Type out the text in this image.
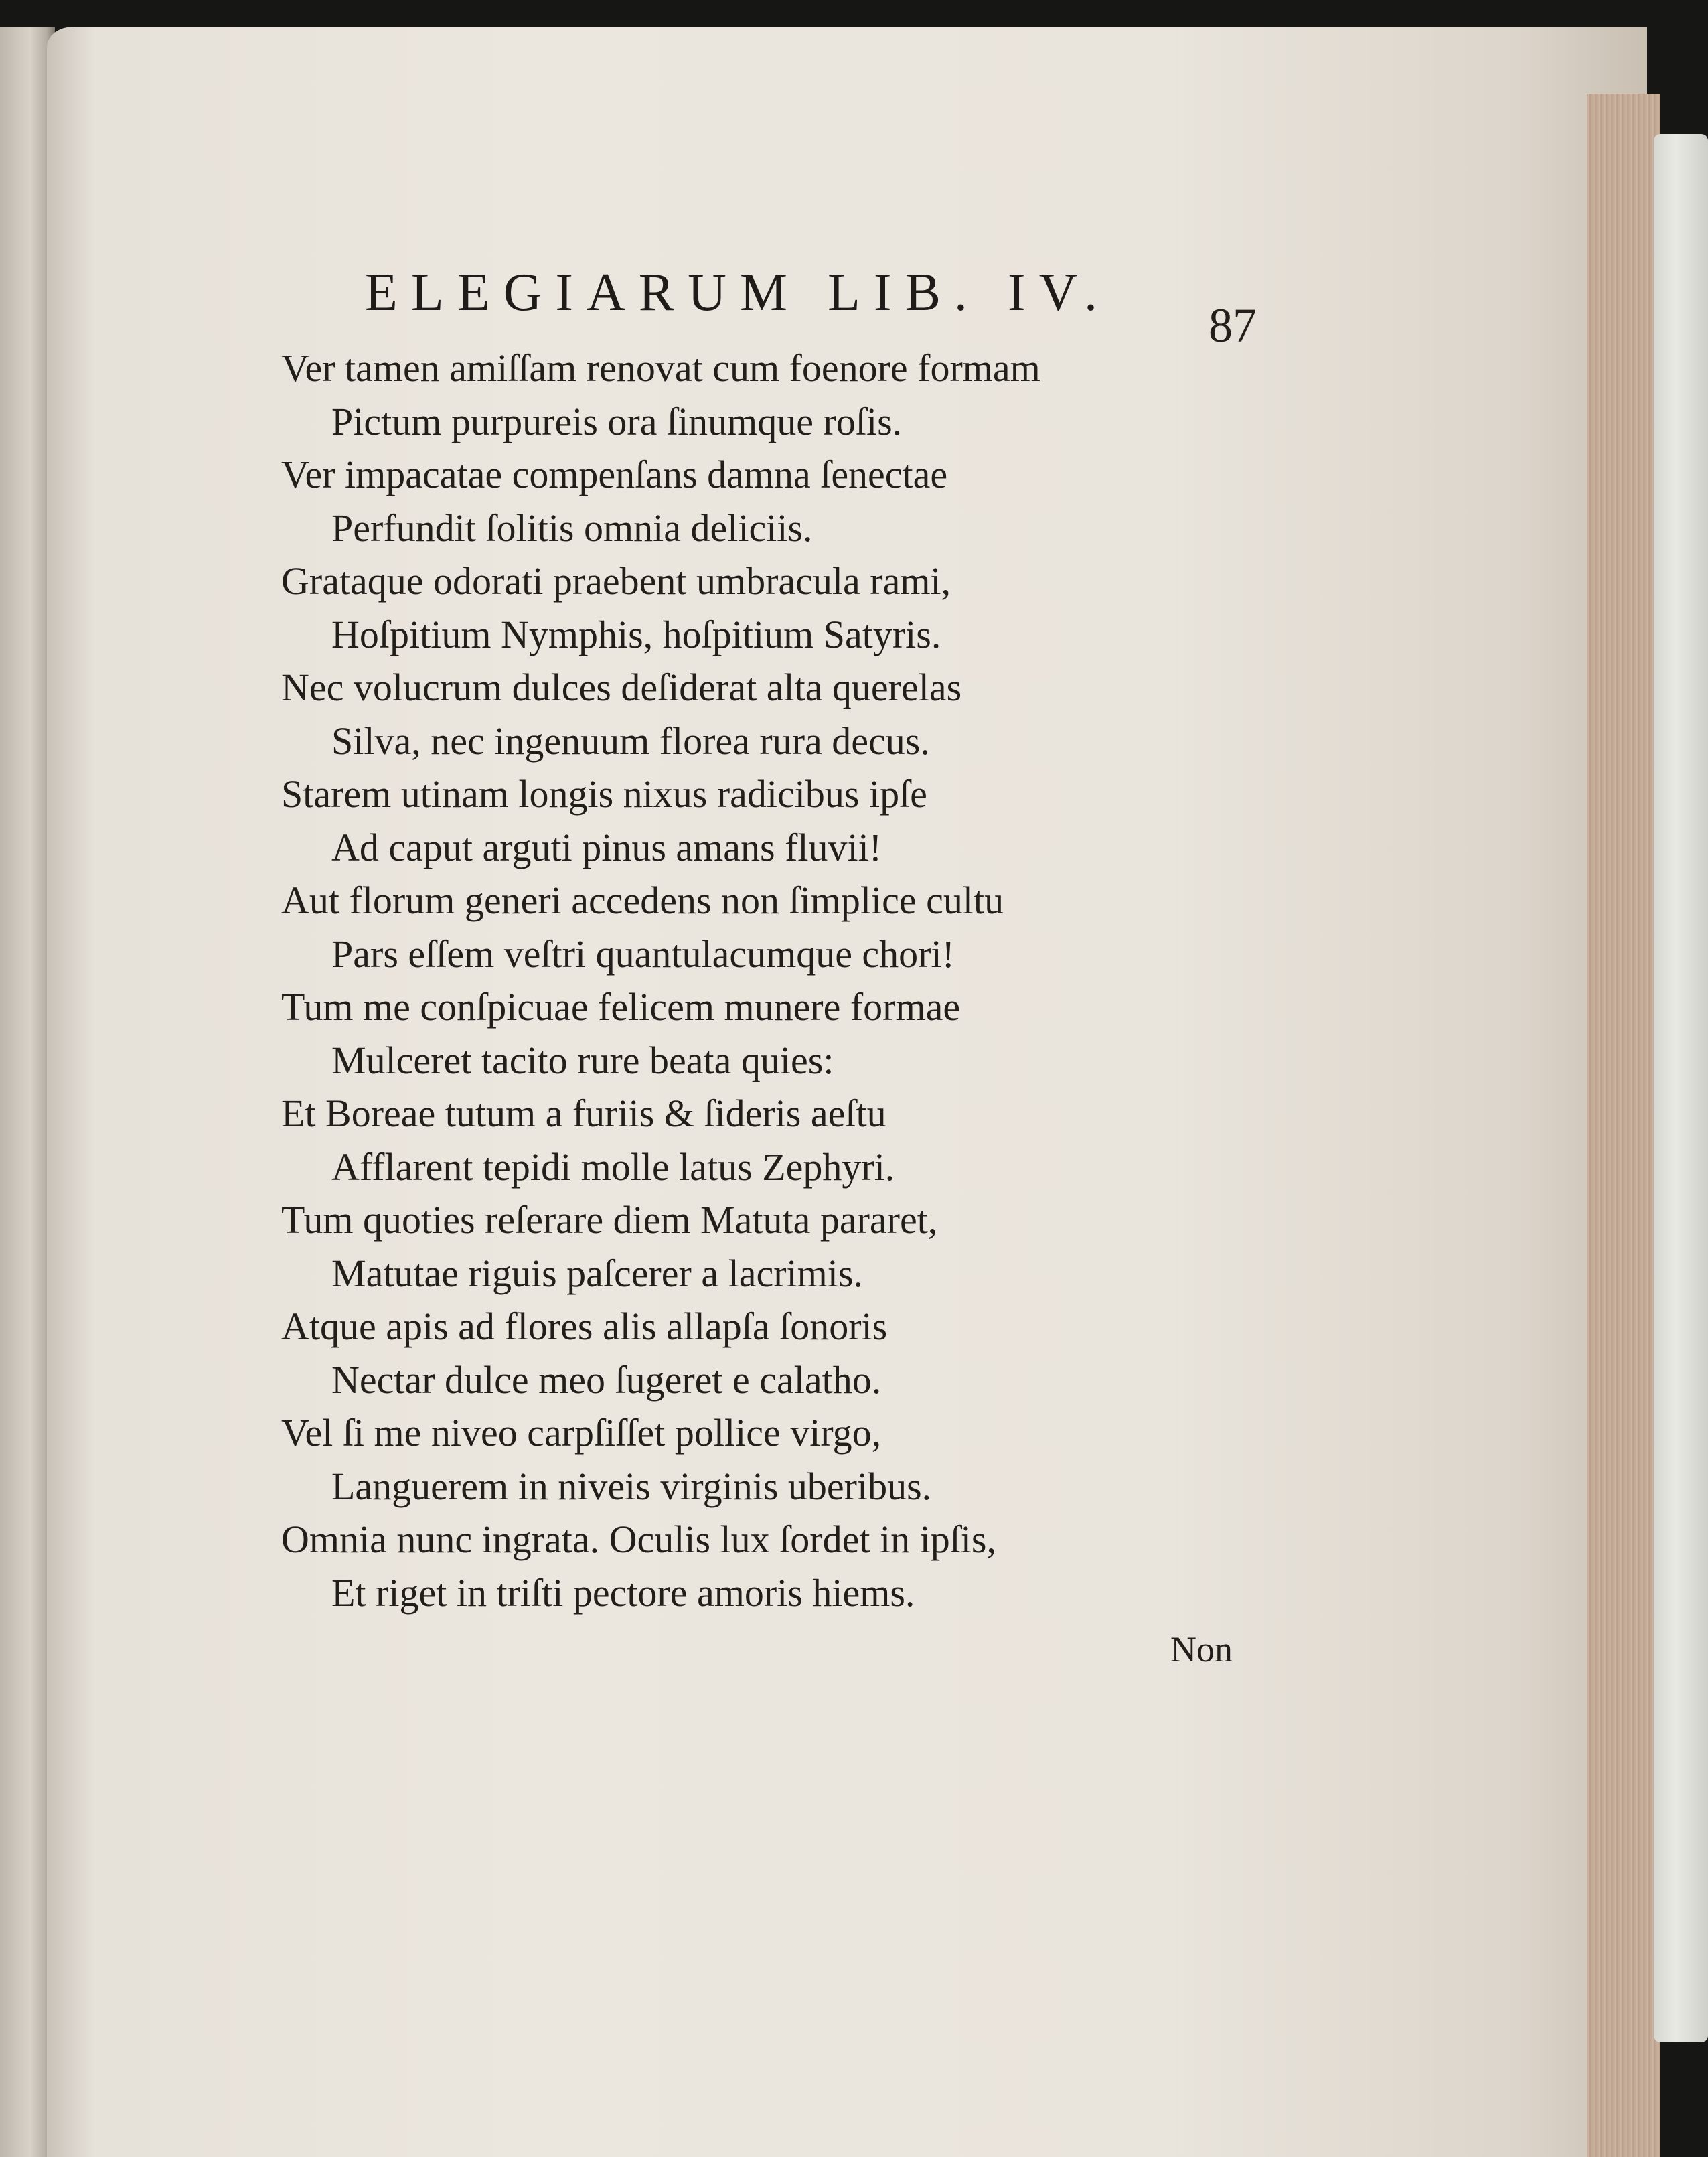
ELEGIARUM LIB. IV.

87

Ver tamen amiſſam renovat cum foenore formam
Pictum purpureis ora ſinumque roſis.
Ver impacatae compenſans damna ſenectae
Perfundit ſolitis omnia deliciis.
Grataque odorati praebent umbracula rami,
Hoſpitium Nymphis, hoſpitium Satyris.
Nec volucrum dulces deſiderat alta querelas
Silva, nec ingenuum florea rura decus.
Starem utinam longis nixus radicibus ipſe
Ad caput arguti pinus amans fluvii!
Aut florum generi accedens non ſimplice cultu
Pars eſſem veſtri quantulacumque chori!
Tum me conſpicuae felicem munere formae
Mulceret tacito rure beata quies:
Et Boreae tutum a furiis & ſideris aeſtu
Afflarent tepidi molle latus Zephyri.
Tum quoties reſerare diem Matuta pararet,
Matutae riguis paſcerer a lacrimis.
Atque apis ad flores alis allapſa ſonoris
Nectar dulce meo ſugeret e calatho.
Vel ſi me niveo carpſiſſet pollice virgo,
Languerem in niveis virginis uberibus.
Omnia nunc ingrata. Oculis lux ſordet in ipſis,
Et riget in triſti pectore amoris hiems.

Non
